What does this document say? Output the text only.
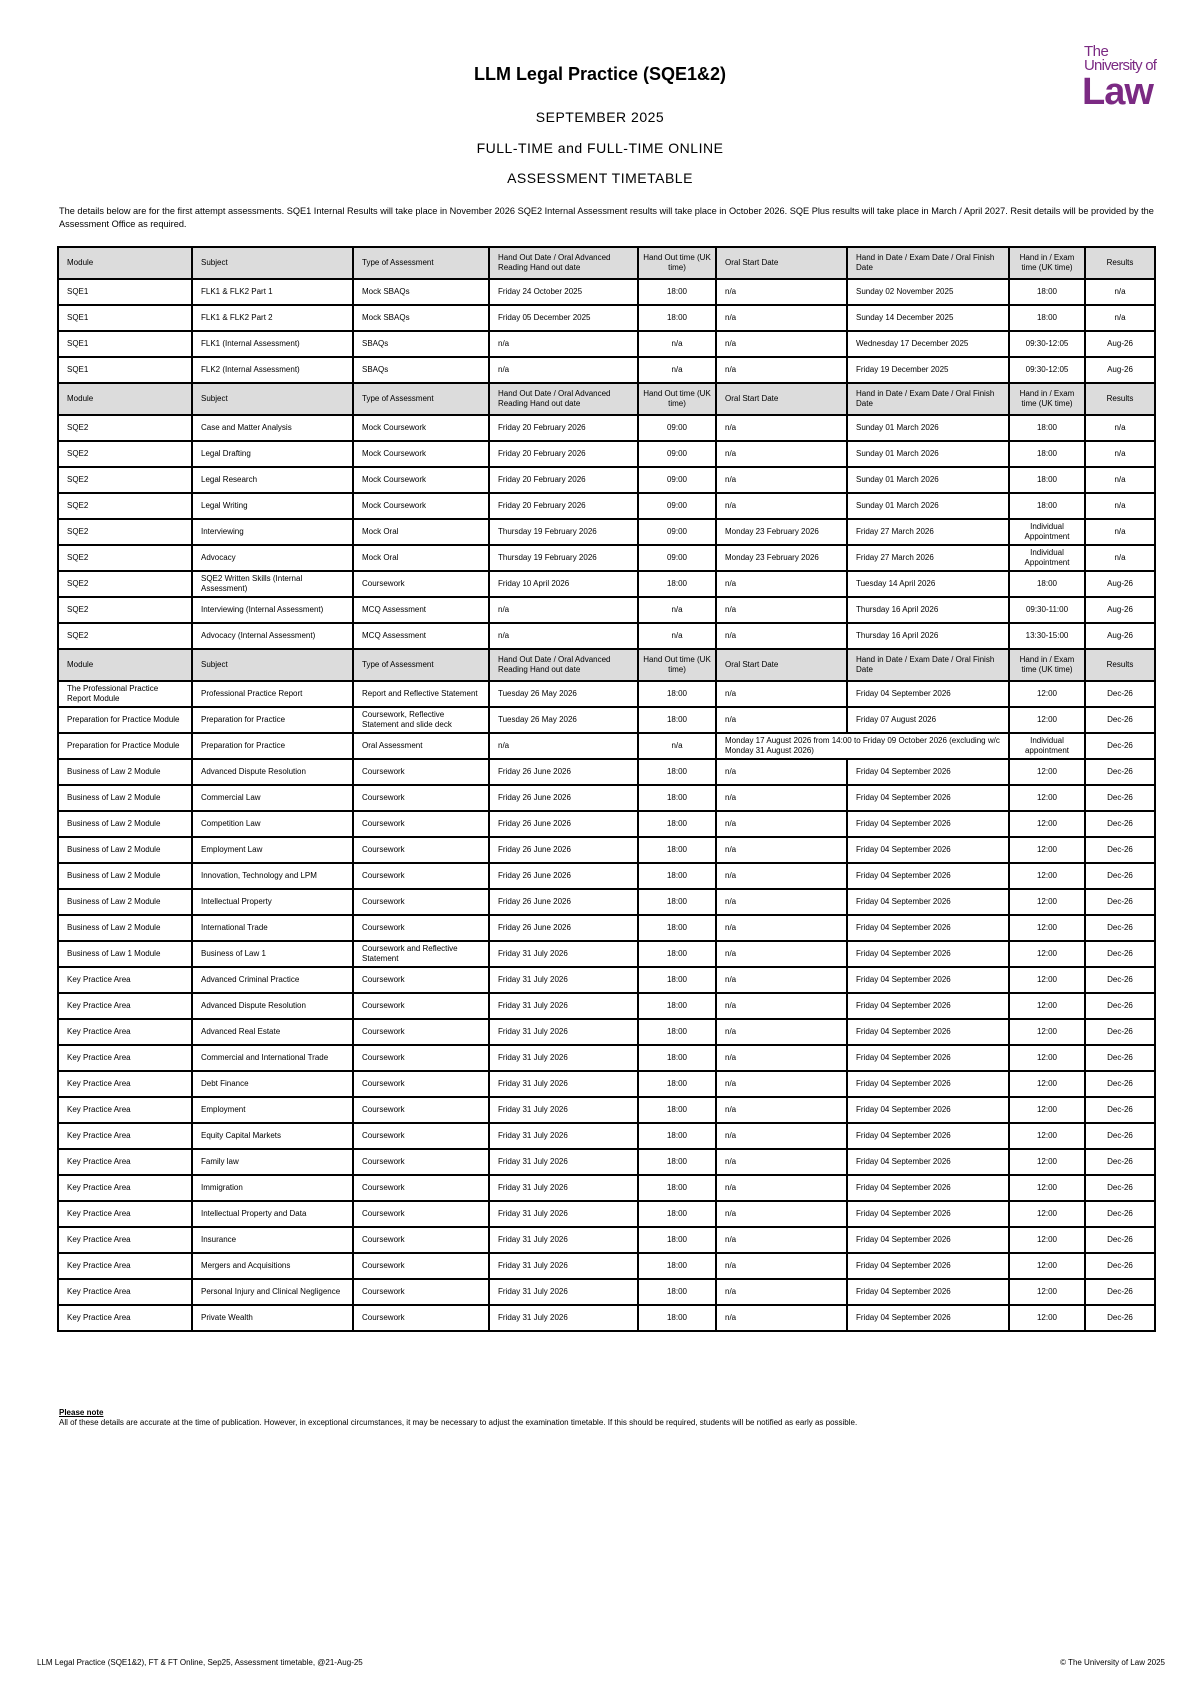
The
University of
Law
LLM Legal Practice (SQE1&2)
SEPTEMBER 2025
FULL-TIME and FULL-TIME ONLINE
ASSESSMENT TIMETABLE
The details below are for the first attempt assessments. SQE1 Internal Results will take place in November 2026 SQE2 Internal Assessment results will take place in October 2026. SQE Plus results will take place in March / April 2027. Resit details will be provided by the Assessment Office as required.
Module	Subject	Type of Assessment	Hand Out Date / Oral Advanced Reading Hand out date	Hand Out time (UK time)	Oral Start Date	Hand in Date / Exam Date / Oral Finish Date	Hand in / Exam time (UK time)	Results
SQE1	FLK1 & FLK2 Part 1	Mock SBAQs	Friday 24 October 2025	18:00	n/a	Sunday 02 November 2025	18:00	n/a
SQE1	FLK1 & FLK2 Part 2	Mock SBAQs	Friday 05 December 2025	18:00	n/a	Sunday 14 December 2025	18:00	n/a
SQE1	FLK1 (Internal Assessment)	SBAQs	n/a	n/a	n/a	Wednesday 17 December 2025	09:30-12:05	Aug-26
SQE1	FLK2 (Internal Assessment)	SBAQs	n/a	n/a	n/a	Friday 19 December 2025	09:30-12:05	Aug-26
Module	Subject	Type of Assessment	Hand Out Date / Oral Advanced Reading Hand out date	Hand Out time (UK time)	Oral Start Date	Hand in Date / Exam Date / Oral Finish Date	Hand in / Exam time (UK time)	Results
SQE2	Case and Matter Analysis	Mock Coursework	Friday 20 February 2026	09:00	n/a	Sunday 01 March 2026	18:00	n/a
SQE2	Legal Drafting	Mock Coursework	Friday 20 February 2026	09:00	n/a	Sunday 01 March 2026	18:00	n/a
SQE2	Legal Research	Mock Coursework	Friday 20 February 2026	09:00	n/a	Sunday 01 March 2026	18:00	n/a
SQE2	Legal Writing	Mock Coursework	Friday 20 February 2026	09:00	n/a	Sunday 01 March 2026	18:00	n/a
SQE2	Interviewing	Mock Oral	Thursday 19 February 2026	09:00	Monday 23 February 2026	Friday 27 March 2026	Individual Appointment	n/a
SQE2	Advocacy	Mock Oral	Thursday 19 February 2026	09:00	Monday 23 February 2026	Friday 27 March 2026	Individual Appointment	n/a
SQE2	SQE2 Written Skills (Internal Assessment)	Coursework	Friday 10 April 2026	18:00	n/a	Tuesday 14 April 2026	18:00	Aug-26
SQE2	Interviewing (Internal Assessment)	MCQ Assessment	n/a	n/a	n/a	Thursday 16 April 2026	09:30-11:00	Aug-26
SQE2	Advocacy (Internal Assessment)	MCQ Assessment	n/a	n/a	n/a	Thursday 16 April 2026	13:30-15:00	Aug-26
Module	Subject	Type of Assessment	Hand Out Date / Oral Advanced Reading Hand out date	Hand Out time (UK time)	Oral Start Date	Hand in Date / Exam Date / Oral Finish Date	Hand in / Exam time (UK time)	Results
The Professional Practice Report Module	Professional Practice Report	Report and Reflective Statement	Tuesday 26 May 2026	18:00	n/a	Friday 04 September 2026	12:00	Dec-26
Preparation for Practice Module	Preparation for Practice	Coursework, Reflective Statement and slide deck	Tuesday 26 May 2026	18:00	n/a	Friday 07 August 2026	12:00	Dec-26
Preparation for Practice Module	Preparation for Practice	Oral Assessment	n/a	n/a	Monday 17 August 2026 from 14:00 to Friday 09 October 2026 (excluding w/c Monday 31 August 2026)		Individual appointment	Dec-26
Business of Law 2 Module	Advanced Dispute Resolution	Coursework	Friday 26 June 2026	18:00	n/a	Friday 04 September 2026	12:00	Dec-26
Business of Law 2 Module	Commercial Law	Coursework	Friday 26 June 2026	18:00	n/a	Friday 04 September 2026	12:00	Dec-26
Business of Law 2 Module	Competition Law	Coursework	Friday 26 June 2026	18:00	n/a	Friday 04 September 2026	12:00	Dec-26
Business of Law 2 Module	Employment Law	Coursework	Friday 26 June 2026	18:00	n/a	Friday 04 September 2026	12:00	Dec-26
Business of Law 2 Module	Innovation, Technology and LPM	Coursework	Friday 26 June 2026	18:00	n/a	Friday 04 September 2026	12:00	Dec-26
Business of Law 2 Module	Intellectual Property	Coursework	Friday 26 June 2026	18:00	n/a	Friday 04 September 2026	12:00	Dec-26
Business of Law 2 Module	International Trade	Coursework	Friday 26 June 2026	18:00	n/a	Friday 04 September 2026	12:00	Dec-26
Business of Law 1 Module	Business of Law 1	Coursework and Reflective Statement	Friday 31 July 2026	18:00	n/a	Friday 04 September 2026	12:00	Dec-26
Key Practice Area	Advanced Criminal Practice	Coursework	Friday 31 July 2026	18:00	n/a	Friday 04 September 2026	12:00	Dec-26
Key Practice Area	Advanced Dispute Resolution	Coursework	Friday 31 July 2026	18:00	n/a	Friday 04 September 2026	12:00	Dec-26
Key Practice Area	Advanced Real Estate	Coursework	Friday 31 July 2026	18:00	n/a	Friday 04 September 2026	12:00	Dec-26
Key Practice Area	Commercial and International Trade	Coursework	Friday 31 July 2026	18:00	n/a	Friday 04 September 2026	12:00	Dec-26
Key Practice Area	Debt Finance	Coursework	Friday 31 July 2026	18:00	n/a	Friday 04 September 2026	12:00	Dec-26
Key Practice Area	Employment	Coursework	Friday 31 July 2026	18:00	n/a	Friday 04 September 2026	12:00	Dec-26
Key Practice Area	Equity Capital Markets	Coursework	Friday 31 July 2026	18:00	n/a	Friday 04 September 2026	12:00	Dec-26
Key Practice Area	Family law	Coursework	Friday 31 July 2026	18:00	n/a	Friday 04 September 2026	12:00	Dec-26
Key Practice Area	Immigration	Coursework	Friday 31 July 2026	18:00	n/a	Friday 04 September 2026	12:00	Dec-26
Key Practice Area	Intellectual Property and Data	Coursework	Friday 31 July 2026	18:00	n/a	Friday 04 September 2026	12:00	Dec-26
Key Practice Area	Insurance	Coursework	Friday 31 July 2026	18:00	n/a	Friday 04 September 2026	12:00	Dec-26
Key Practice Area	Mergers and Acquisitions	Coursework	Friday 31 July 2026	18:00	n/a	Friday 04 September 2026	12:00	Dec-26
Key Practice Area	Personal Injury and Clinical Negligence	Coursework	Friday 31 July 2026	18:00	n/a	Friday 04 September 2026	12:00	Dec-26
Key Practice Area	Private Wealth	Coursework	Friday 31 July 2026	18:00	n/a	Friday 04 September 2026	12:00	Dec-26
Please note
All of these details are accurate at the time of publication. However, in exceptional circumstances, it may be necessary to adjust the examination timetable. If this should be required, students will be notified as early as possible.
LLM Legal Practice (SQE1&2), FT & FT Online, Sep25, Assessment timetable, @21-Aug-25	© The University of Law 2025
